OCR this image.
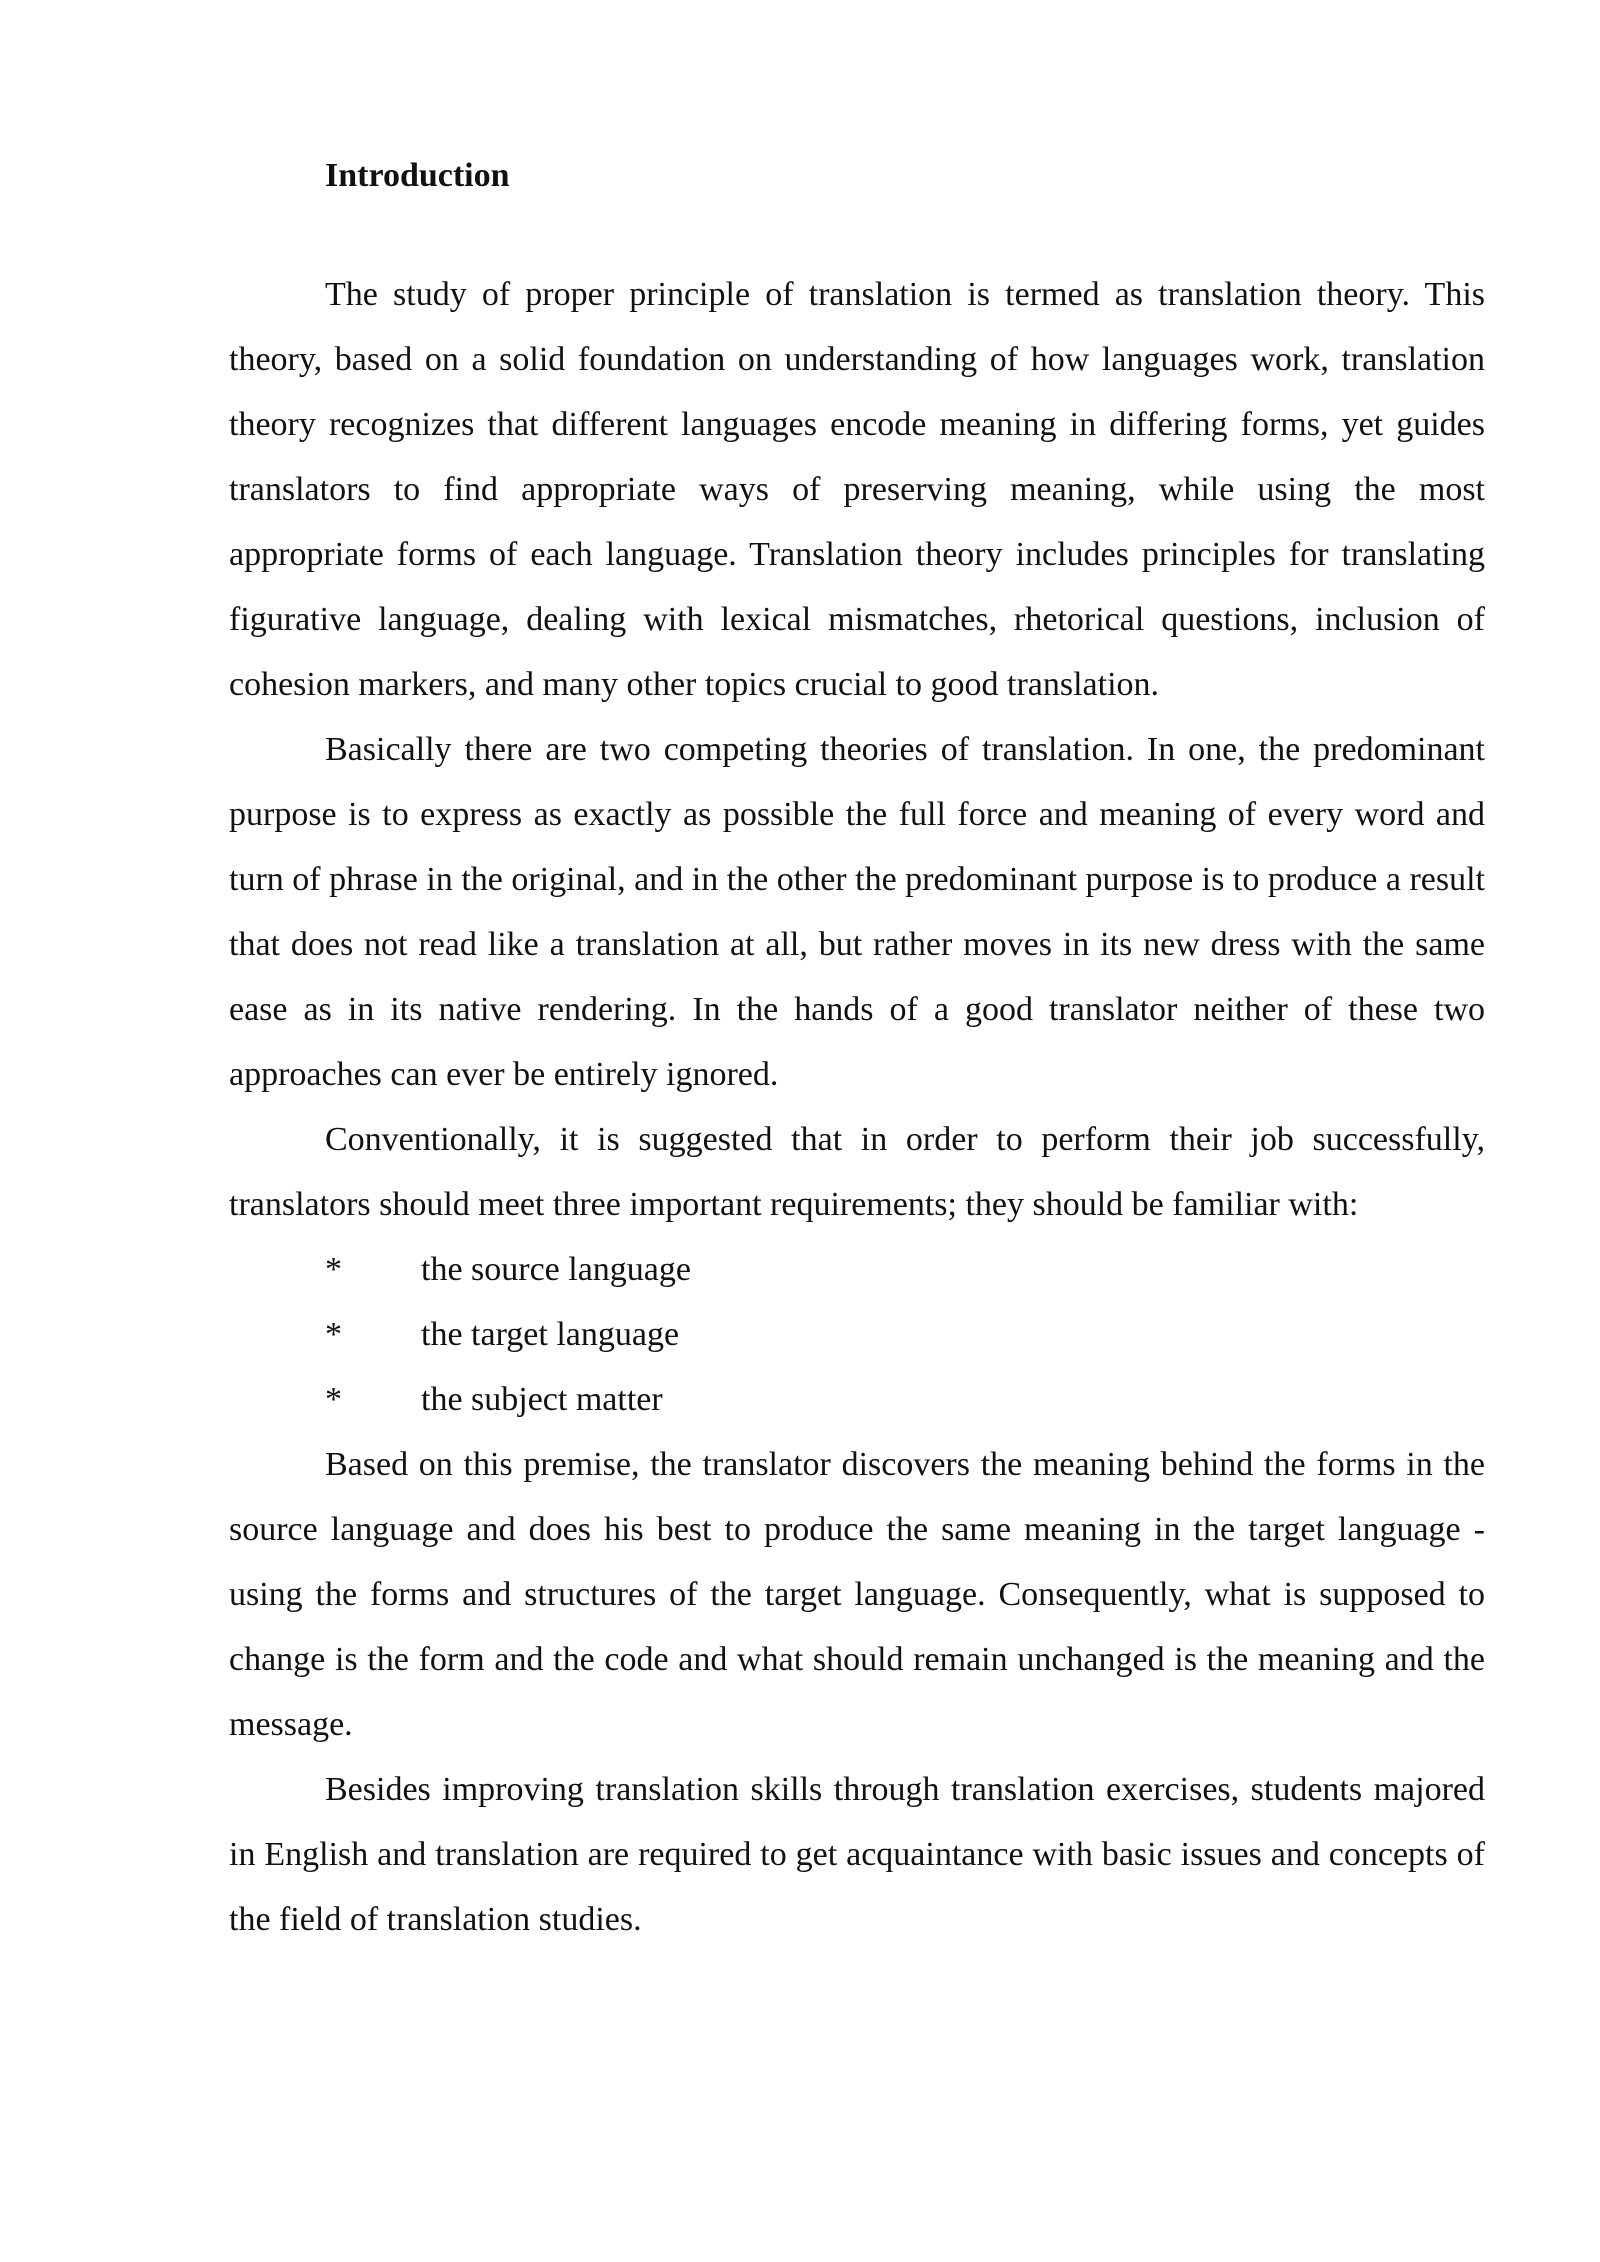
Introduction

The study of proper principle of translation is termed as translation theory. This theory, based on a solid foundation on understanding of how languages work, translation theory recognizes that different languages encode meaning in differing forms, yet guides translators to find appropriate ways of preserving meaning, while using the most appropriate forms of each language. Translation theory includes principles for translating figurative language, dealing with lexical mismatches, rhetorical questions, inclusion of cohesion markers, and many other topics crucial to good translation.

Basically there are two competing theories of translation. In one, the predominant purpose is to express as exactly as possible the full force and meaning of every word and turn of phrase in the original, and in the other the predominant purpose is to produce a result that does not read like a translation at all, but rather moves in its new dress with the same ease as in its native rendering. In the hands of a good translator neither of these two approaches can ever be entirely ignored.

Conventionally, it is suggested that in order to perform their job successfully, translators should meet three important requirements; they should be familiar with:

*	the source language
*	the target language
*	the subject matter

Based on this premise, the translator discovers the meaning behind the forms in the source language and does his best to produce the same meaning in the target language - using the forms and structures of the target language. Consequently, what is supposed to change is the form and the code and what should remain unchanged is the meaning and the message.

Besides improving translation skills through translation exercises, students majored in English and translation are required to get acquaintance with basic issues and concepts of the field of translation studies.
